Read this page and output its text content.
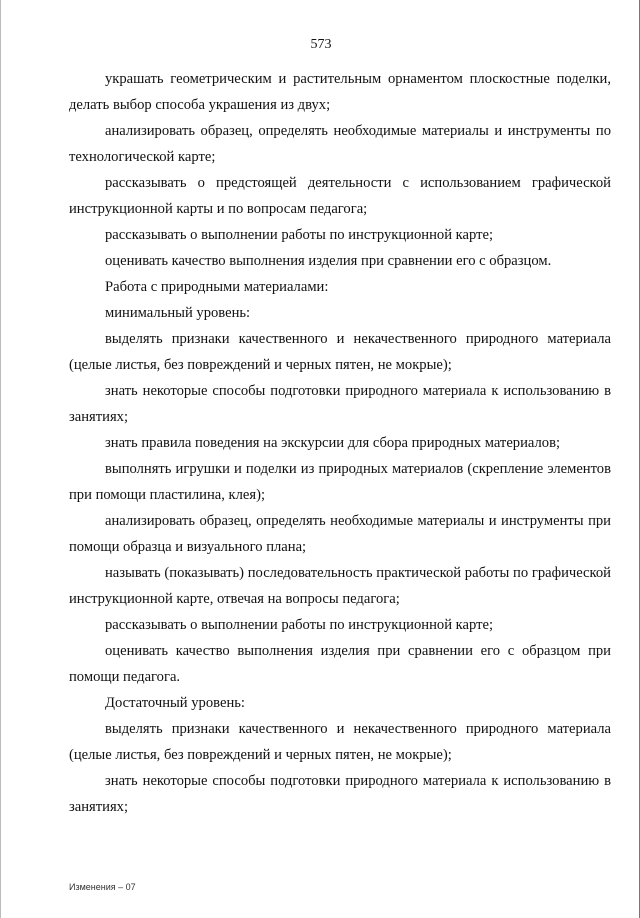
573

украшать геометрическим и растительным орнаментом плоскостные поделки, делать выбор способа украшения из двух;

анализировать образец, определять необходимые материалы и инструменты по технологической карте;

рассказывать о предстоящей деятельности с использованием графической инструкционной карты и по вопросам педагога;

рассказывать о выполнении работы по инструкционной карте;

оценивать качество выполнения изделия при сравнении его с образцом.

Работа с природными материалами:

минимальный уровень:

выделять признаки качественного и некачественного природного материала (целые листья, без повреждений и черных пятен, не мокрые);

знать некоторые способы подготовки природного материала к использованию в занятиях;

знать правила поведения на экскурсии для сбора природных материалов;

выполнять игрушки и поделки из природных материалов (скрепление элементов при помощи пластилина, клея);

анализировать образец, определять необходимые материалы и инструменты при помощи образца и визуального плана;

называть (показывать) последовательность практической работы по графической инструкционной карте, отвечая на вопросы педагога;

рассказывать о выполнении работы по инструкционной карте;

оценивать качество выполнения изделия при сравнении его с образцом при помощи педагога.

Достаточный уровень:

выделять признаки качественного и некачественного природного материала (целые листья, без повреждений и черных пятен, не мокрые);

знать некоторые способы подготовки природного материала к использованию в занятиях;

Изменения – 07
